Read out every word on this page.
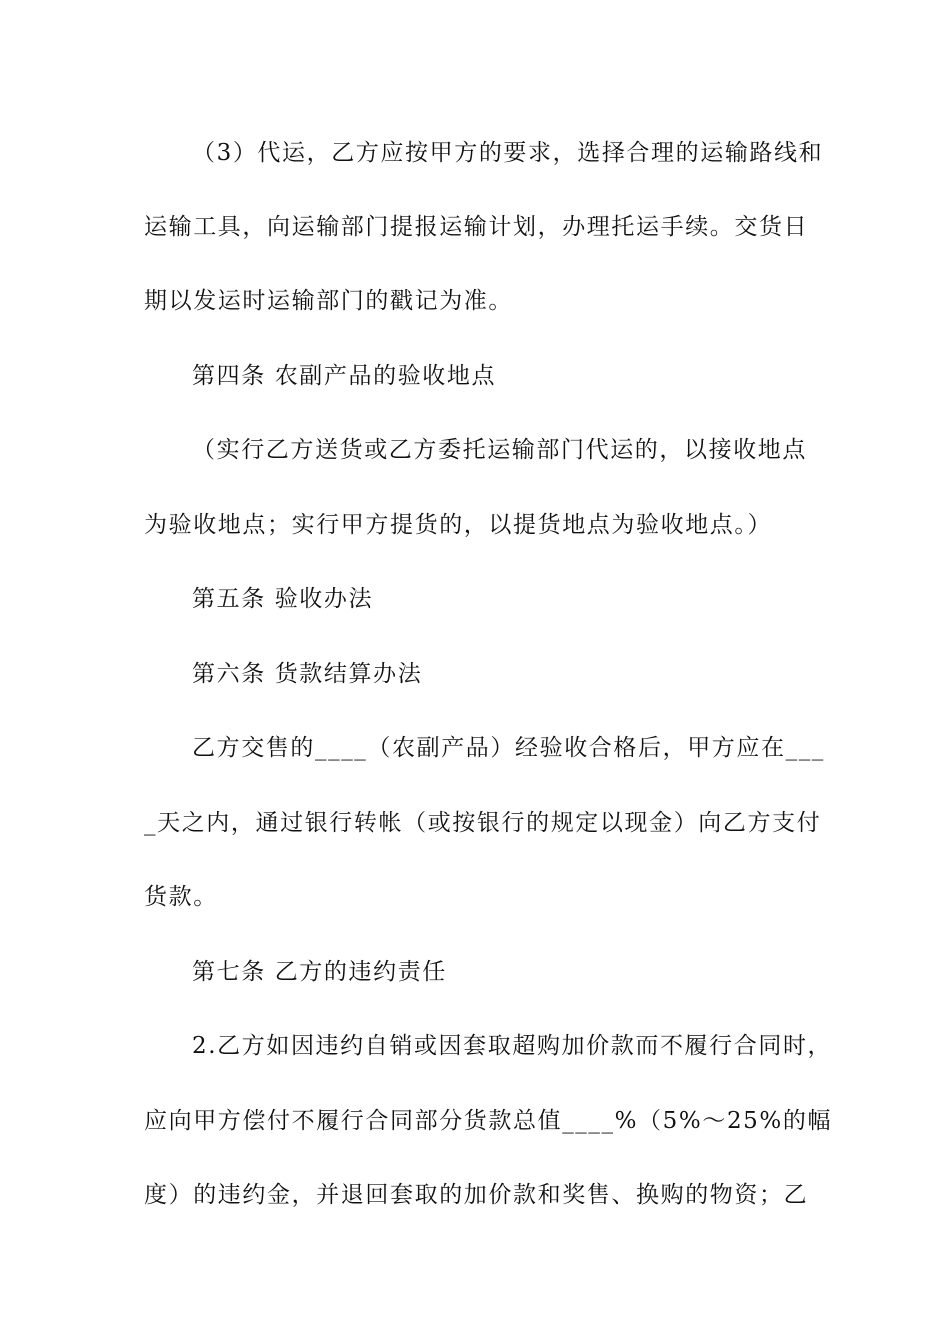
（3）代运，乙方应按甲方的要求，选择合理的运输路线和
运输工具，向运输部门提报运输计划，办理托运手续。交货日
期以发运时运输部门的戳记为准。
第四条 农副产品的验收地点
（实行乙方送货或乙方委托运输部门代运的，以接收地点
为验收地点；实行甲方提货的，以提货地点为验收地点。）
第五条 验收办法
第六条 货款结算办法
乙方交售的____（农副产品）经验收合格后，甲方应在___
_天之内，通过银行转帐（或按银行的规定以现金）向乙方支付
货款。
第七条 乙方的违约责任
2.乙方如因违约自销或因套取超购加价款而不履行合同时，
应向甲方偿付不履行合同部分货款总值____%（5%～25%的幅
度）的违约金，并退回套取的加价款和奖售、换购的物资；乙
